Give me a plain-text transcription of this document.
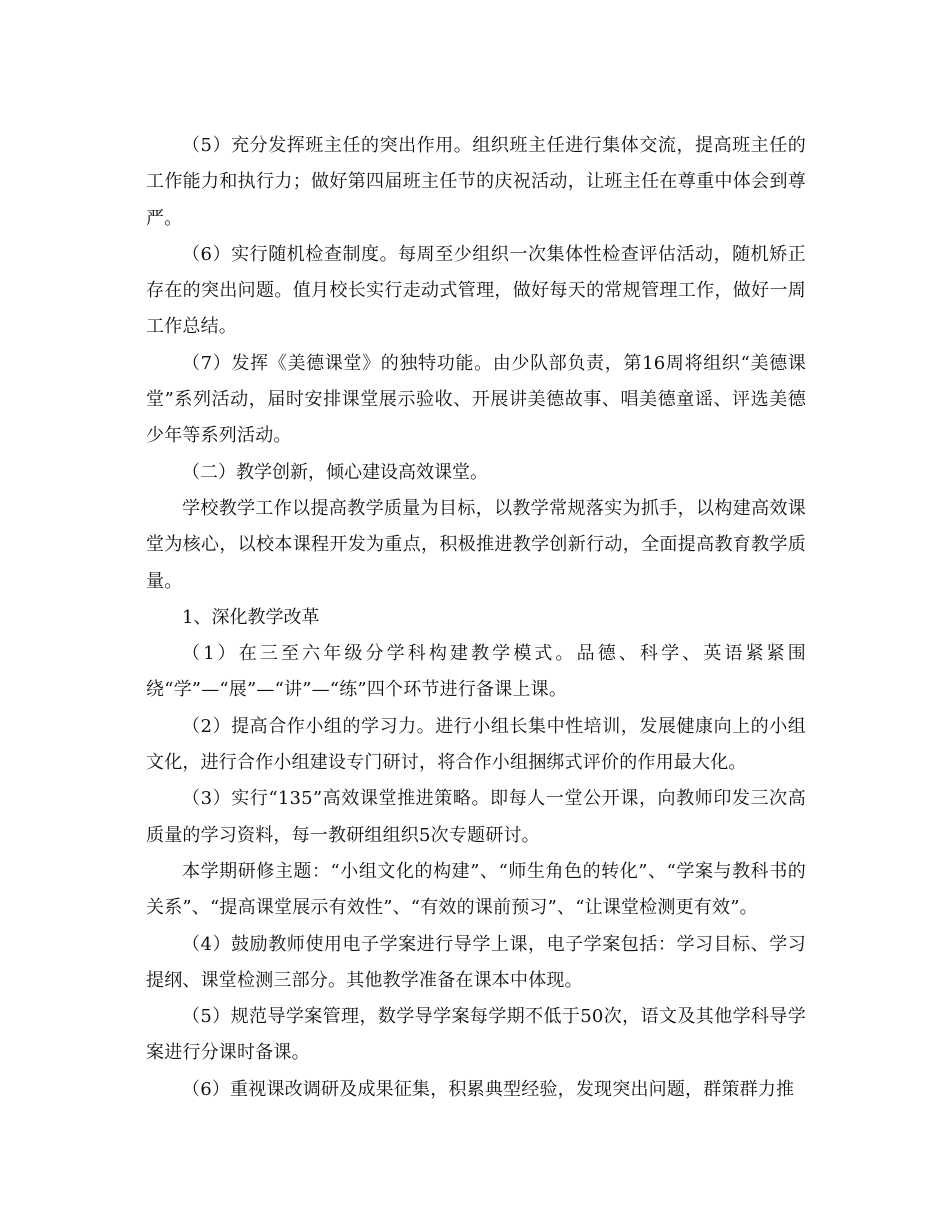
（5）充分发挥班主任的突出作用。组织班主任进行集体交流，提高班主任的工作能力和执行力；做好第四届班主任节的庆祝活动，让班主任在尊重中体会到尊严。

（6）实行随机检查制度。每周至少组织一次集体性检查评估活动，随机矫正存在的突出问题。值月校长实行走动式管理，做好每天的常规管理工作，做好一周工作总结。

（7）发挥《美德课堂》的独特功能。由少队部负责，第16周将组织“美德课堂”系列活动，届时安排课堂展示验收、开展讲美德故事、唱美德童谣、评选美德少年等系列活动。

（二）教学创新，倾心建设高效课堂。

学校教学工作以提高教学质量为目标，以教学常规落实为抓手，以构建高效课堂为核心，以校本课程开发为重点，积极推进教学创新行动，全面提高教育教学质量。

1、深化教学改革

（1）在三至六年级分学科构建教学模式。品德、科学、英语紧紧围绕“学”—“展”—“讲”—“练”四个环节进行备课上课。

（2）提高合作小组的学习力。进行小组长集中性培训，发展健康向上的小组文化，进行合作小组建设专门研讨，将合作小组捆绑式评价的作用最大化。

（3）实行“135”高效课堂推进策略。即每人一堂公开课，向教师印发三次高质量的学习资料，每一教研组组织5次专题研讨。

本学期研修主题：“小组文化的构建”、“师生角色的转化”、“学案与教科书的关系”、“提高课堂展示有效性”、“有效的课前预习”、“让课堂检测更有效”。

（4）鼓励教师使用电子学案进行导学上课，电子学案包括：学习目标、学习提纲、课堂检测三部分。其他教学准备在课本中体现。

（5）规范导学案管理，数学导学案每学期不低于50次，语文及其他学科导学案进行分课时备课。

（6）重视课改调研及成果征集，积累典型经验，发现突出问题，群策群力推
